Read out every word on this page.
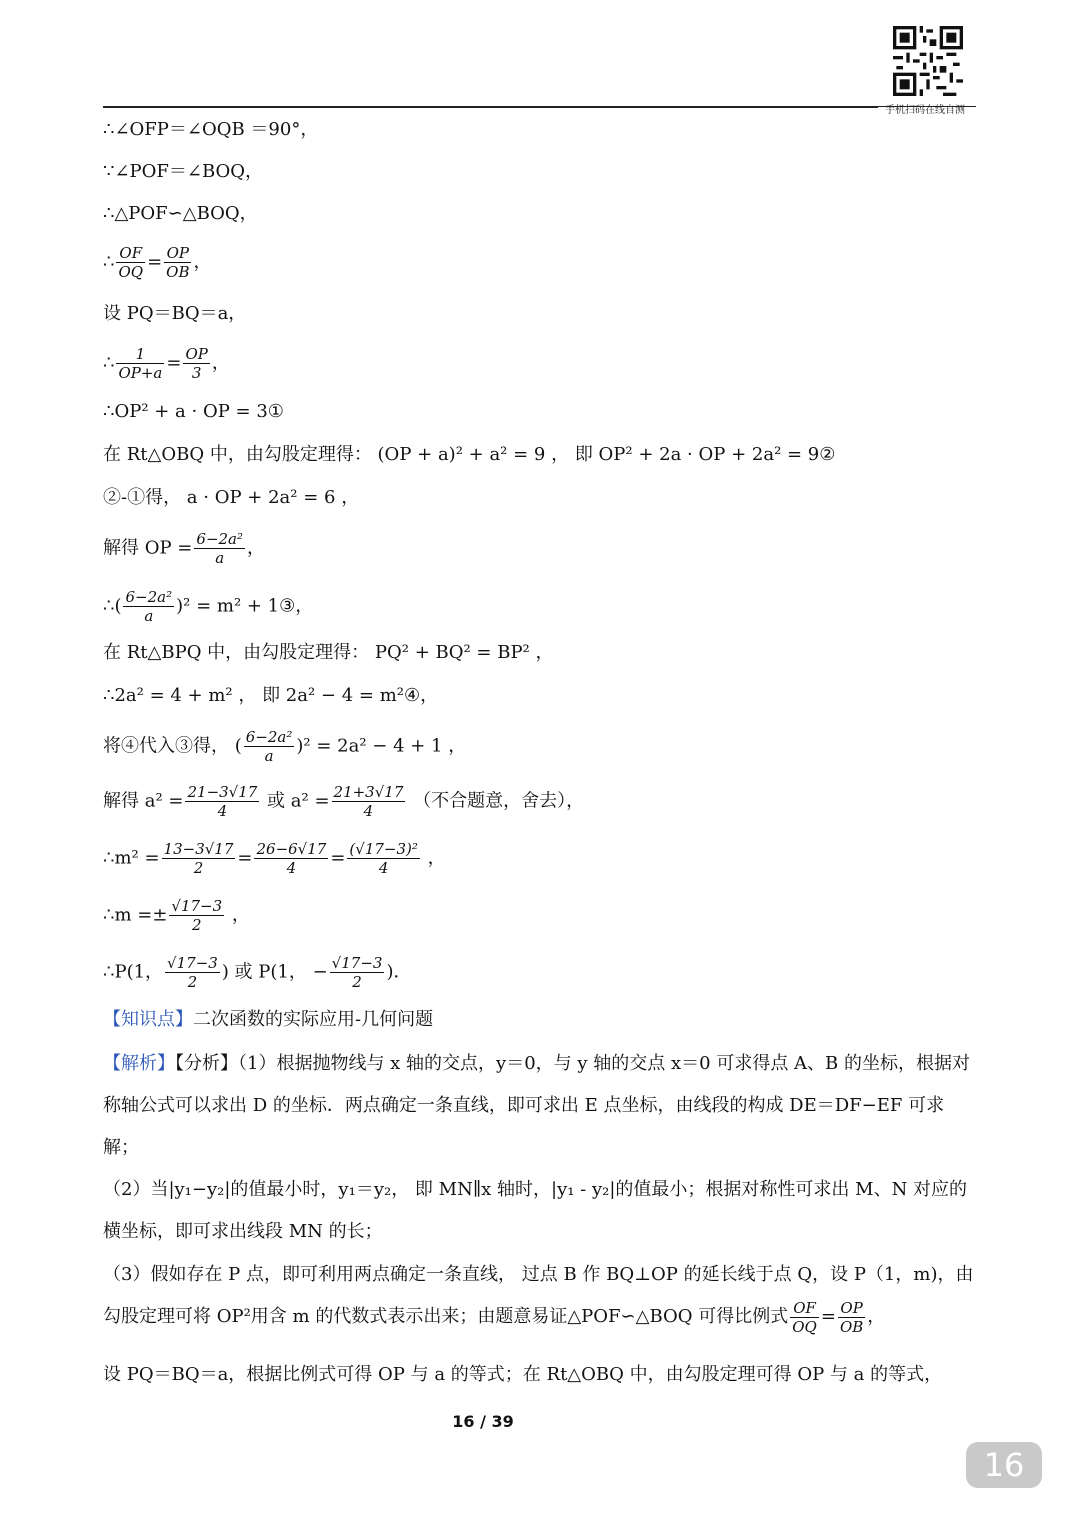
手机扫码在线自测
∴∠OFP＝∠OQB ＝90°，
∵∠POF＝∠BOQ，
∴△POF∽△BOQ，
∴ $\frac{OF}{OQ} = \frac{OP}{OB}$ ，
设 PQ＝BQ＝a，
∴ $\frac{1}{OP+a} = \frac{OP}{3}$ ，
∴OP² + a · OP = 3①
在 Rt△OBQ 中，由勾股定理得： (OP + a)² + a² = 9 ， 即 OP² + 2a · OP + 2a² = 9②
②-①得， a · OP + 2a² = 6 ，
解得 OP = $\frac{\text{6−2a²}}{a}$ ，
∴( $\frac{\text{6−2a²}}{a} )^2 = m^2$ + 1③，
在 Rt△BPQ 中，由勾股定理得： PQ² + BQ² = BP² ，
∴2a² = 4 + m² ， 即 2a² − 4 = m²④，
将④代入③得， ( $\frac{\text{6−2a²}}{a} )^2 = 2a^2 - 4 + 1$ ，
解得 $a^2 = \frac{21-3√17}{4}$ 或 $a^2 = \frac{21+3√17}{4}$ （不合题意，舍去），
∴m² = $\frac{13-3√17}{2} = \frac{26-6√17}{4} = \frac{\text{(√17−3)²}}{4}$ ，
∴m =± $\frac{√17-3}{2}$ ，
∴P(1， $\frac{√17-3}{2}$ ) 或 P(1， − $\frac{√17-3}{2}$ )．
【知识点】二次函数的实际应用-几何问题
【解析】【分析】（1）根据抛物线与 x 轴的交点，y＝0，与 y 轴的交点 x＝0 可求得点 A、B 的坐标，根据对称轴公式可以求出 D 的坐标．两点确定一条直线，即可求出 E 点坐标，由线段的构成 DE＝DF−EF 可求解；
（2）当|y₁−y₂|的值最小时，y₁＝y₂， 即 MN∥x 轴时，|y₁ - y₂|的值最小；根据对称性可求出 M、N 对应的横坐标，即可求出线段 MN 的长；
（3）假如存在 P 点，即可利用两点确定一条直线， 过点 B 作 BQ⊥OP 的延长线于点 Q，设 P（1，m)，由勾股定理可将 OP²用含 m 的代数式表示出来；由题意易证△POF∽△BOQ 可得比例式 $\frac{OF}{OQ} = \frac{OP}{OB}$ ，
设 PQ＝BQ＝a，根据比例式可得 OP 与 a 的等式；在 Rt△OBQ 中，由勾股定理可得 OP 与 a 的等式，
16 / 39
16
